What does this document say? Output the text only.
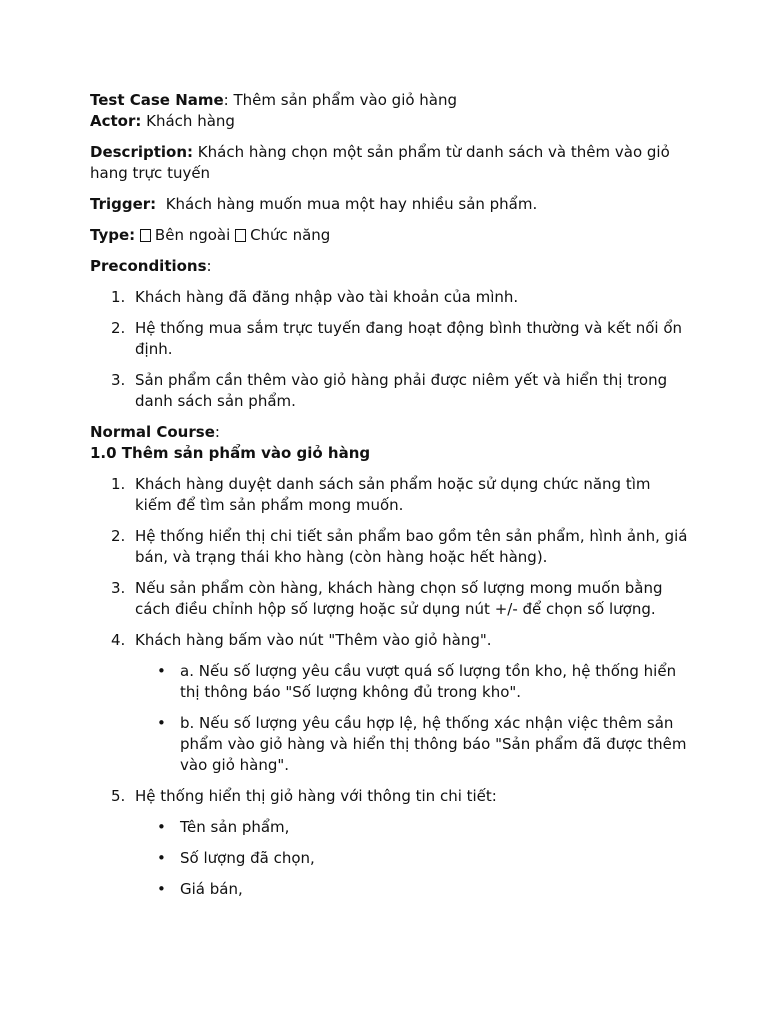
Test Case Name: Thêm sản phẩm vào giỏ hàng

Actor: Khách hàng

Description: Khách hàng chọn một sản phẩm từ danh sách và thêm vào giỏ hang trực tuyến

Trigger:  Khách hàng muốn mua một hay nhiều sản phẩm.

Type: Bên ngoài Chức năng

Preconditions:

1. Khách hàng đã đăng nhập vào tài khoản của mình.
2. Hệ thống mua sắm trực tuyến đang hoạt động bình thường và kết nối ổn định.
3. Sản phẩm cần thêm vào giỏ hàng phải được niêm yết và hiển thị trong danh sách sản phẩm.

Normal Course:

1.0 Thêm sản phẩm vào giỏ hàng

1. Khách hàng duyệt danh sách sản phẩm hoặc sử dụng chức năng tìm kiếm để tìm sản phẩm mong muốn.
2. Hệ thống hiển thị chi tiết sản phẩm bao gồm tên sản phẩm, hình ảnh, giá bán, và trạng thái kho hàng (còn hàng hoặc hết hàng).
3. Nếu sản phẩm còn hàng, khách hàng chọn số lượng mong muốn bằng cách điều chỉnh hộp số lượng hoặc sử dụng nút +/- để chọn số lượng.
4. Khách hàng bấm vào nút "Thêm vào giỏ hàng".
• a. Nếu số lượng yêu cầu vượt quá số lượng tồn kho, hệ thống hiển thị thông báo "Số lượng không đủ trong kho".
• b. Nếu số lượng yêu cầu hợp lệ, hệ thống xác nhận việc thêm sản phẩm vào giỏ hàng và hiển thị thông báo "Sản phẩm đã được thêm vào giỏ hàng".
5. Hệ thống hiển thị giỏ hàng với thông tin chi tiết:
• Tên sản phẩm,
• Số lượng đã chọn,
• Giá bán,
